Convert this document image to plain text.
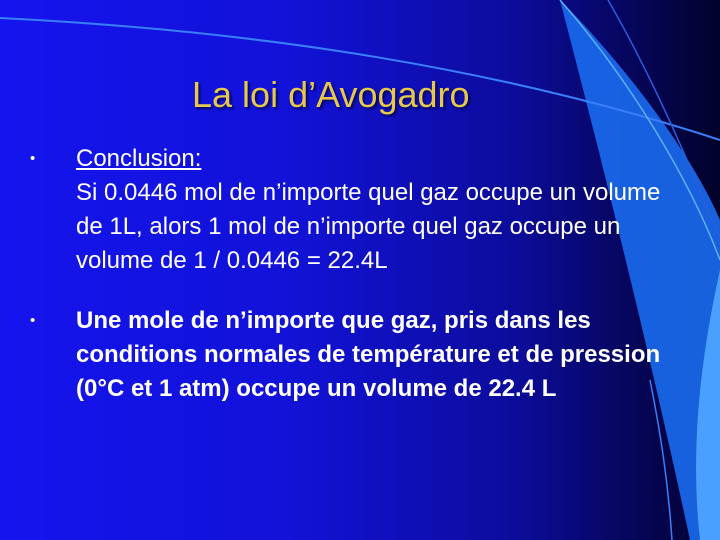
La loi d’Avogadro
• Conclusion:
Si 0.0446 mol de n’importe quel gaz occupe un volume de 1L, alors 1 mol de n’importe quel gaz occupe un volume de 1 / 0.0446 = 22.4L
• Une mole de n’importe que gaz, pris dans les conditions normales de température et de pression (0°C et 1 atm) occupe un volume de 22.4 L
